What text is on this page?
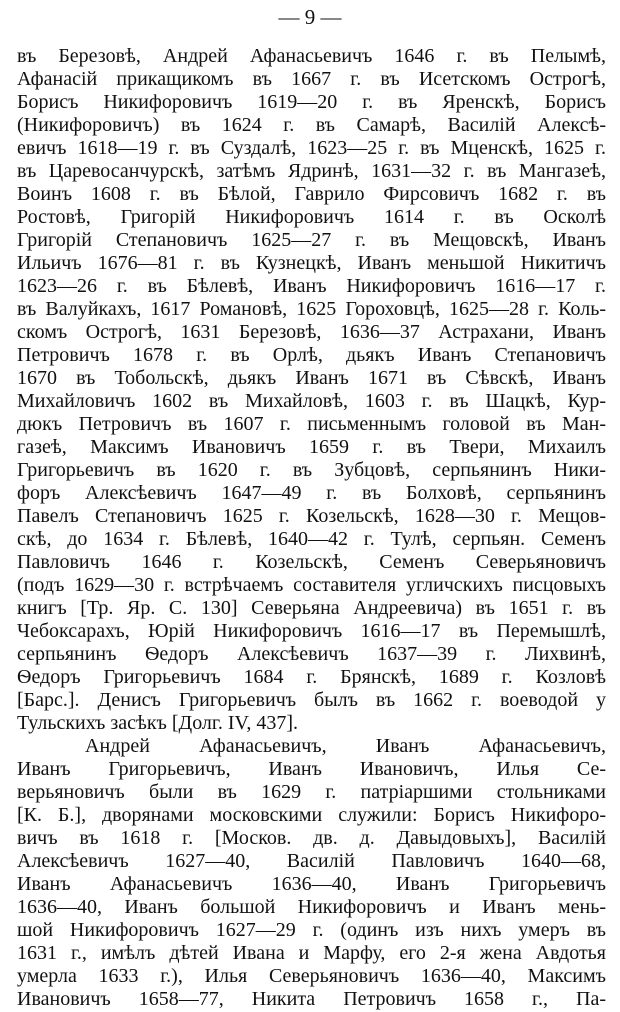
— 9 —
въ Березовѣ, Андрей Афанасьевичъ 1646 г. въ Пелымѣ,
Афанасій прикащикомъ въ 1667 г. въ Исетскомъ Острогѣ,
Борисъ Никифоровичъ 1619—20 г. въ Яренскѣ, Борисъ
(Никифоровичъ) въ 1624 г. въ Самарѣ, Василій Алексѣ-
евичъ 1618—19 г. въ Суздалѣ, 1623—25 г. въ Мценскѣ, 1625 г.
въ Царевосанчурскѣ, затѣмъ Ядринѣ, 1631—32 г. въ Мангазеѣ,
Воинъ 1608 г. въ Бѣлой, Гаврило Фирсовичъ 1682 г. въ
Ростовѣ, Григорій Никифоровичъ 1614 г. въ Осколѣ
Григорій Степановичъ 1625—27 г. въ Мещовскѣ, Иванъ
Ильичъ 1676—81 г. въ Кузнецкѣ, Иванъ меньшой Никитичъ
1623—26 г. въ Бѣлевѣ, Иванъ Никифоровичъ 1616—17 г.
въ Валуйкахъ, 1617 Романовѣ, 1625 Гороховцѣ, 1625—28 г. Коль-
скомъ Острогѣ, 1631 Березовѣ, 1636—37 Астрахани, Иванъ
Петровичъ 1678 г. въ Орлѣ, дьякъ Иванъ Степановичъ
1670 въ Тобольскѣ, дьякъ Иванъ 1671 въ Сѣвскѣ, Иванъ
Михайловичъ 1602 въ Михайловѣ, 1603 г. въ Шацкѣ, Кур-
дюкъ Петровичъ въ 1607 г. письменнымъ головой въ Ман-
газеѣ, Максимъ Ивановичъ 1659 г. въ Твери, Михаилъ
Григорьевичъ въ 1620 г. въ Зубцовѣ, серпьянинъ Ники-
форъ Алексѣевичъ 1647—49 г. въ Болховѣ, серпьянинъ
Павелъ Степановичъ 1625 г. Козельскѣ, 1628—30 г. Мещов-
скѣ, до 1634 г. Бѣлевѣ, 1640—42 г. Тулѣ, серпьян. Семенъ
Павловичъ 1646 г. Козельскѣ, Семенъ Северьяновичъ
(подъ 1629—30 г. встрѣчаемъ составителя угличскихъ писцовыхъ
книгъ [Тр. Яр. С. 130] Северьяна Андреевича) въ 1651 г. въ
Чебоксарахъ, Юрій Никифоровичъ 1616—17 въ Перемышлѣ,
серпьянинъ Ѳедоръ Алексѣевичъ 1637—39 г. Лихвинѣ,
Ѳедоръ Григорьевичъ 1684 г. Брянскѣ, 1689 г. Козловѣ
[Барс.]. Денисъ Григорьевичъ былъ въ 1662 г. воеводой у
Тульскихъ засѣкъ [Долг. IV, 437].
Андрей Афанасьевичъ, Иванъ Афанасьевичъ,
Иванъ Григорьевичъ, Иванъ Ивановичъ, Илья Се-
верьяновичъ были въ 1629 г. патріаршими стольниками
[К. Б.], дворянами московскими служили: Борисъ Никифоро-
вичъ въ 1618 г. [Москов. дв. д. Давыдовыхъ], Василій
Алексѣевичъ 1627—40, Василій Павловичъ 1640—68,
Иванъ Афанасьевичъ 1636—40, Иванъ Григорьевичъ
1636—40, Иванъ большой Никифоровичъ и Иванъ мень-
шой Никифоровичъ 1627—29 г. (одинъ изъ нихъ умеръ въ
1631 г., имѣлъ дѣтей Ивана и Марфу, его 2-я жена Авдотья
умерла 1633 г.), Илья Северьяновичъ 1636—40, Максимъ
Ивановичъ 1658—77, Никита Петровичъ 1658 г., Па-
